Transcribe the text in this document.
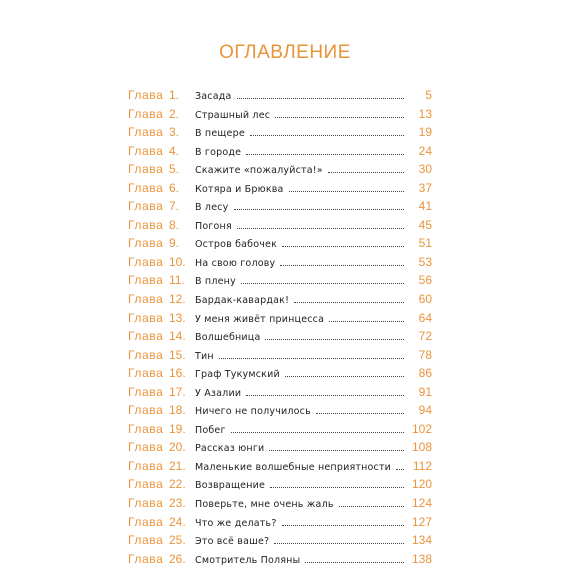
ОГЛАВЛЕНИЕ
Глава 1.	Засада	5
Глава 2.	Страшный лес	13
Глава 3.	В пещере	19
Глава 4.	В городе	24
Глава 5.	Скажите «пожалуйста!»	30
Глава 6.	Котяра и Брюква	37
Глава 7.	В лесу	41
Глава 8.	Погоня	45
Глава 9.	Остров бабочек	51
Глава 10. На свою голову	53
Глава 11.	В плену	56
Глава 12. Бардак-кавардак!	60
Глава 13. У меня живёт принцесса	64
Глава 14. Волшебница	72
Глава 15. Тин	78
Глава 16. Граф Тукумский	86
Глава 17. У Азалии	91
Глава 18. Ничего не получилось	94
Глава 19. Побег	102
Глава 20. Рассказ юнги	108
Глава 21. Маленькие волшебные неприятности	112
Глава 22. Возвращение	120
Глава 23. Поверьте, мне очень жаль	124
Глава 24. Что же делать?	127
Глава 25. Это всё ваше?	134
Глава 26. Смотритель Поляны	138
